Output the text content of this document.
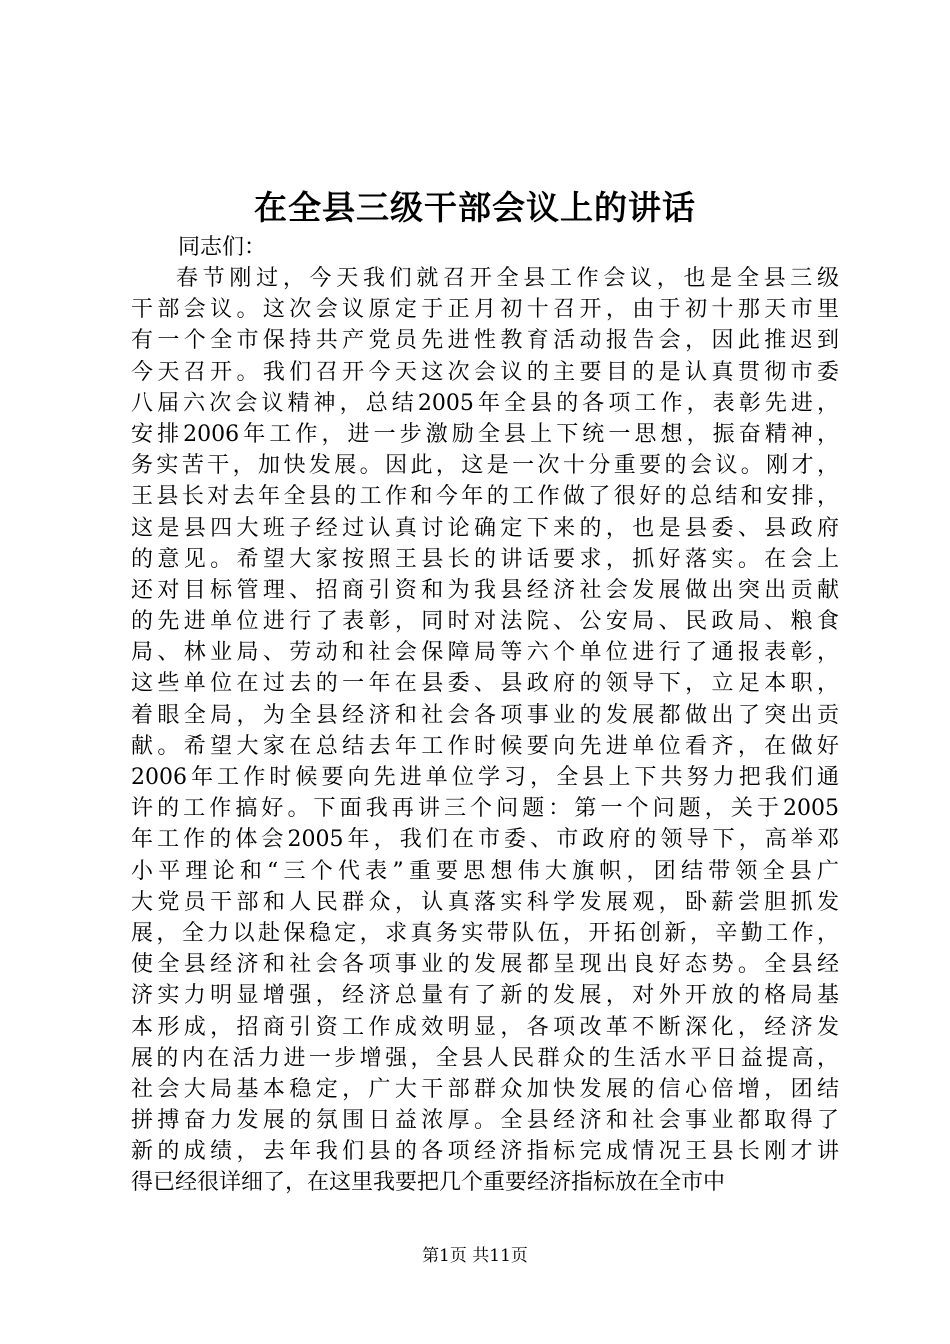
在全县三级干部会议上的讲话

同志们：

春节刚过，今天我们就召开全县工作会议，也是全县三级
干部会议。这次会议原定于正月初十召开，由于初十那天市里
有一个全市保持共产党员先进性教育活动报告会，因此推迟到
今天召开。我们召开今天这次会议的主要目的是认真贯彻市委
八届六次会议精神，总结2005年全县的各项工作，表彰先进，
安排2006年工作，进一步激励全县上下统一思想，振奋精神，
务实苦干，加快发展。因此，这是一次十分重要的会议。刚才，
王县长对去年全县的工作和今年的工作做了很好的总结和安排，
这是县四大班子经过认真讨论确定下来的，也是县委、县政府
的意见。希望大家按照王县长的讲话要求，抓好落实。在会上
还对目标管理、招商引资和为我县经济社会发展做出突出贡献
的先进单位进行了表彰，同时对法院、公安局、民政局、粮食
局、林业局、劳动和社会保障局等六个单位进行了通报表彰，
这些单位在过去的一年在县委、县政府的领导下，立足本职，
着眼全局，为全县经济和社会各项事业的发展都做出了突出贡
献。希望大家在总结去年工作时候要向先进单位看齐，在做好
2006年工作时候要向先进单位学习，全县上下共努力把我们通
许的工作搞好。下面我再讲三个问题：第一个问题，关于2005
年工作的体会2005年，我们在市委、市政府的领导下，高举邓
小平理论和“三个代表”重要思想伟大旗帜，团结带领全县广
大党员干部和人民群众，认真落实科学发展观，卧薪尝胆抓发
展，全力以赴保稳定，求真务实带队伍，开拓创新，辛勤工作，
使全县经济和社会各项事业的发展都呈现出良好态势。全县经
济实力明显增强，经济总量有了新的发展，对外开放的格局基
本形成，招商引资工作成效明显，各项改革不断深化，经济发
展的内在活力进一步增强，全县人民群众的生活水平日益提高，
社会大局基本稳定，广大干部群众加快发展的信心倍增，团结
拼搏奋力发展的氛围日益浓厚。全县经济和社会事业都取得了
新的成绩，去年我们县的各项经济指标完成情况王县长刚才讲
得已经很详细了，在这里我要把几个重要经济指标放在全市中
第1页 共11页
